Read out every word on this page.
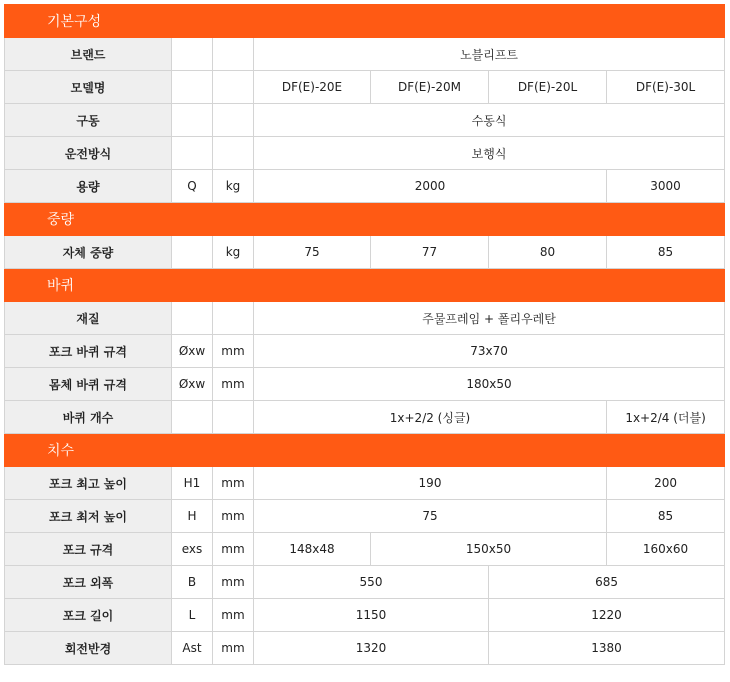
기본구성						
브랜드			노블리프트			
모델명			DF(E)-20E	DF(E)-20M	DF(E)-20L	DF(E)-30L
구동			수동식			
운전방식			보행식			
용량	Q	kg	2000			3000
중량						
자체 중량		kg	75	77	80	85
바퀴						
재질			주물프레임 + 폴리우레탄			
포크 바퀴 규격	Øxw	mm	73x70			
몸체 바퀴 규격	Øxw	mm	180x50			
바퀴 개수			1x+2/2 (싱글)			1x+2/4 (더블)
치수						
포크 최고 높이	H1	mm	190			200
포크 최저 높이	H	mm	75			85
포크 규격	exs	mm	148x48	150x50		160x60
포크 외폭	B	mm	550		685	
포크 길이	L	mm	1150		1220	
회전반경	Ast	mm	1320		1380	
